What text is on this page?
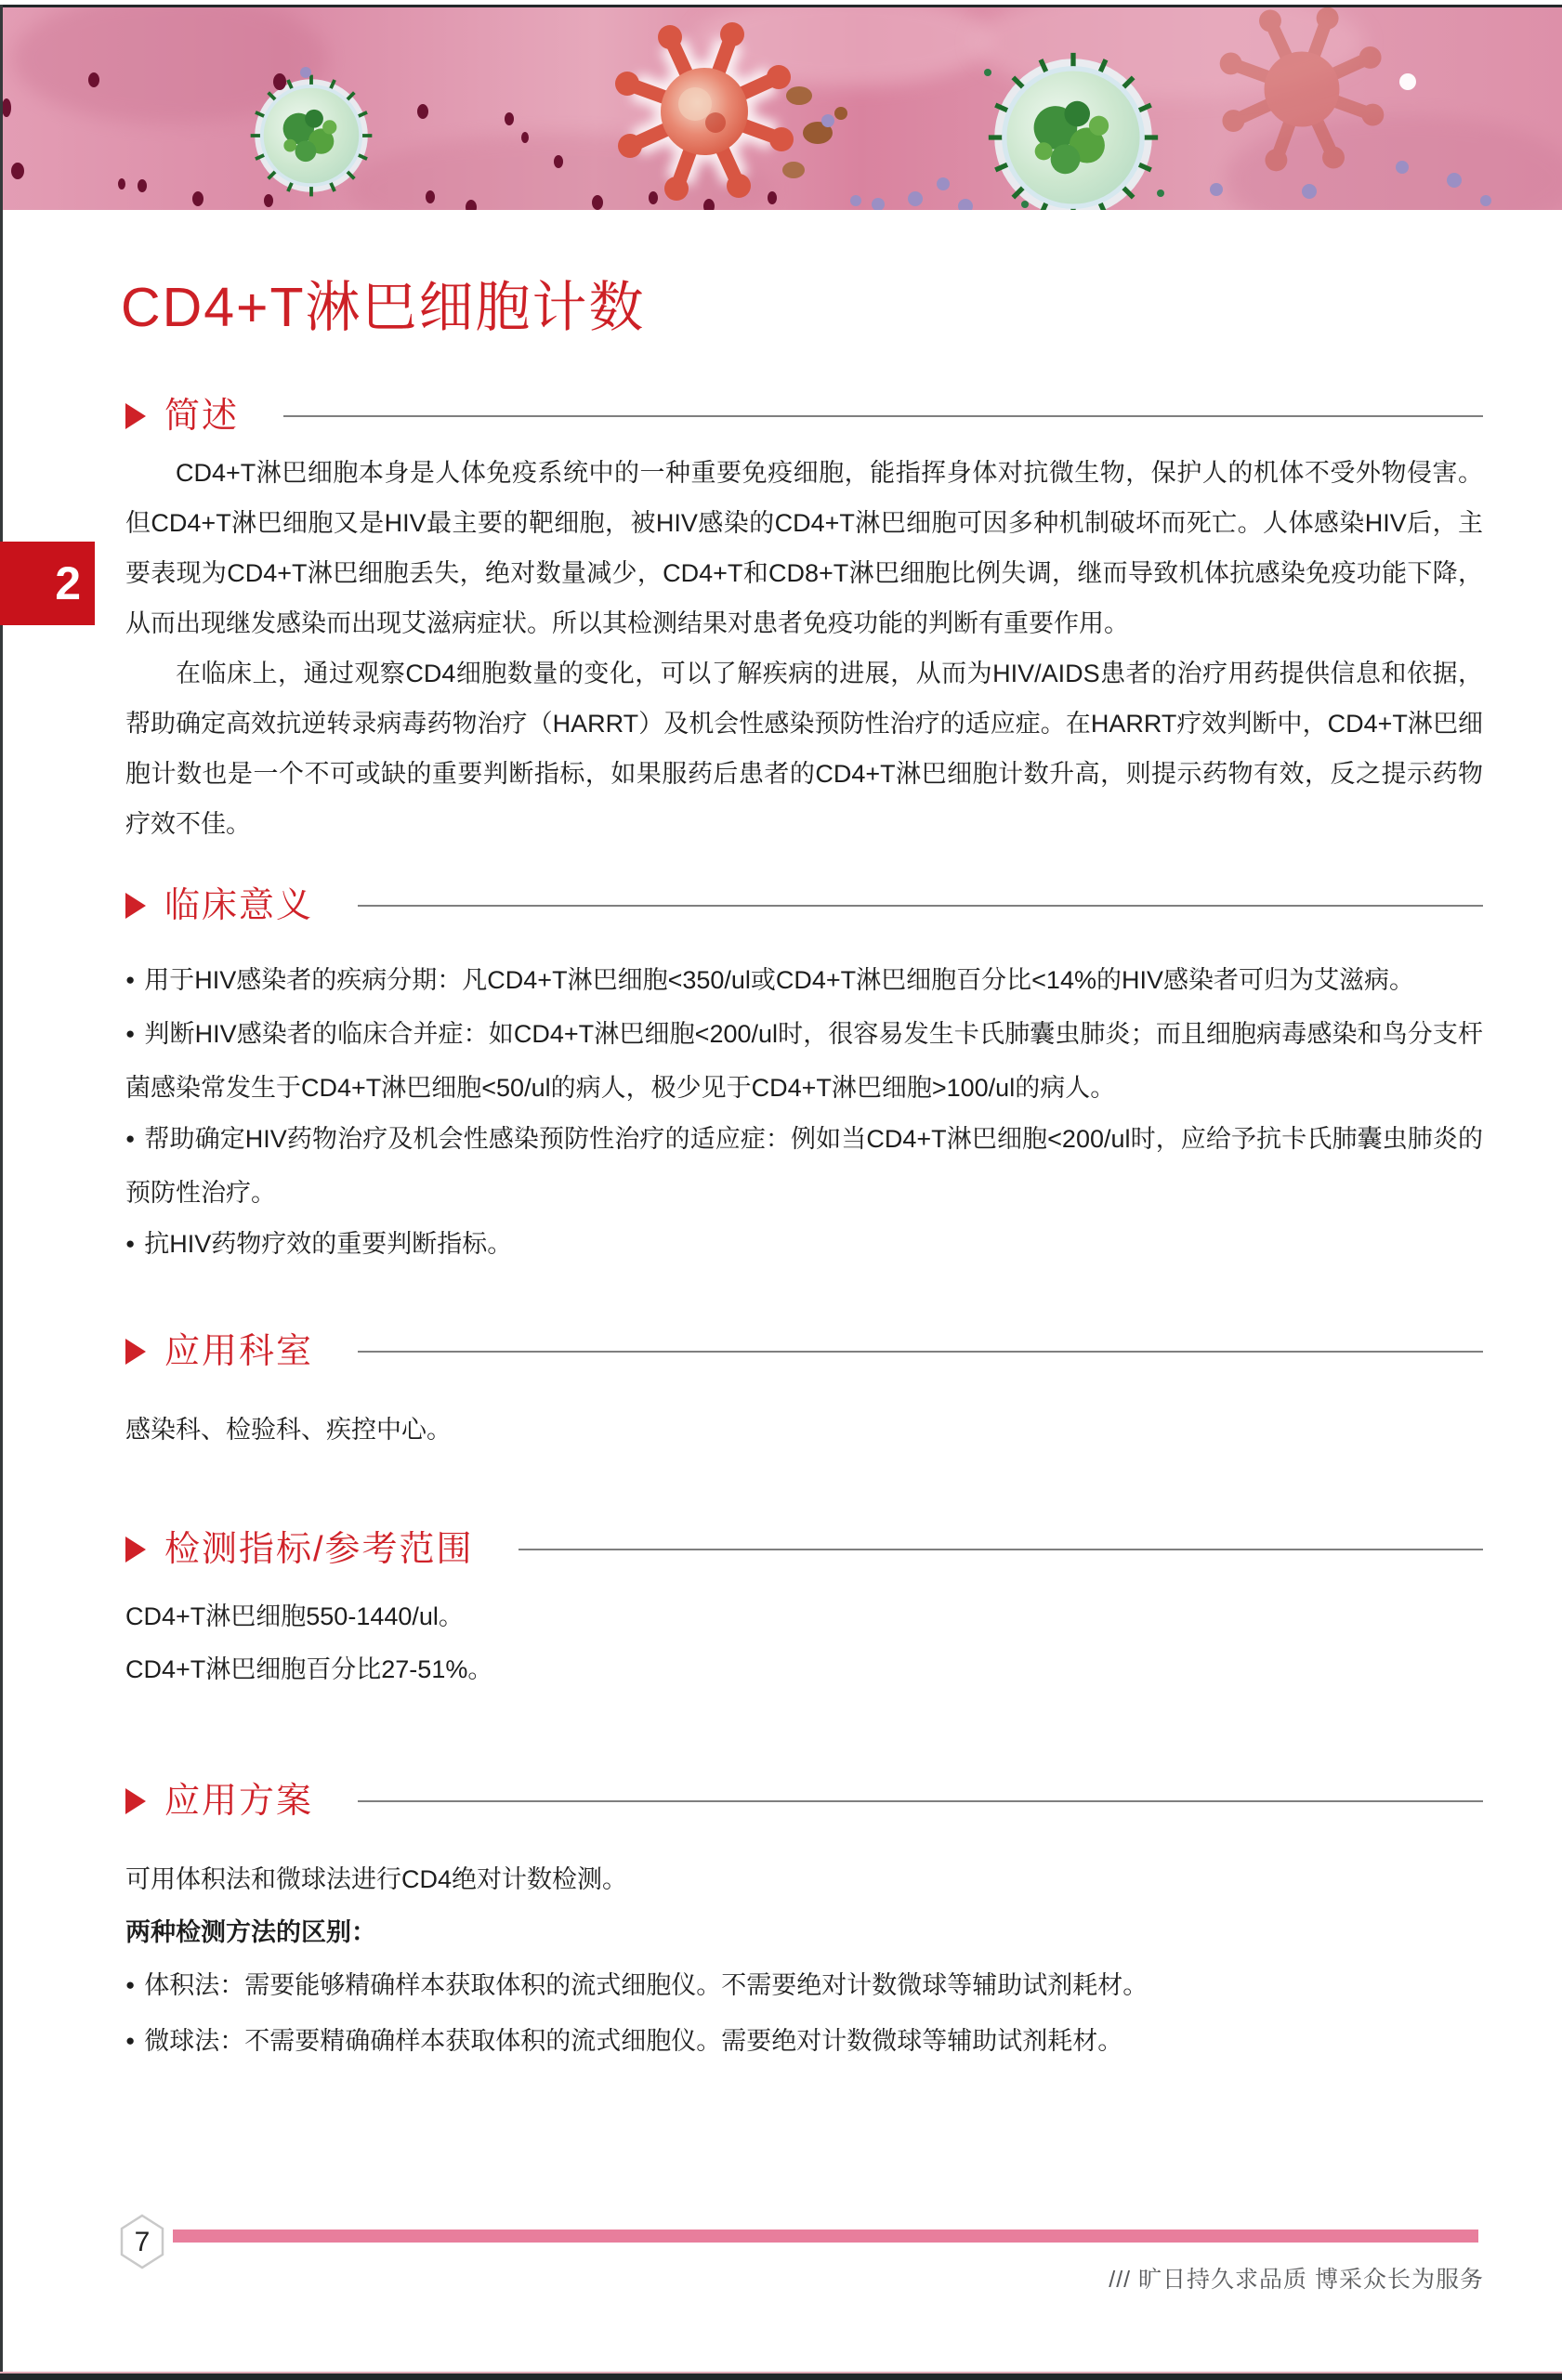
2
CD4+T淋巴细胞计数
简述

CD4+T淋巴细胞本身是人体免疫系统中的一种重要免疫细胞，能指挥身体对抗微生物，保护人的机体不受外物侵害。但CD4+T淋巴细胞又是HIV最主要的靶细胞，被HIV感染的CD4+T淋巴细胞可因多种机制破坏而死亡。人体感染HIV后，主要表现为CD4+T淋巴细胞丢失，绝对数量减少，CD4+T和CD8+T淋巴细胞比例失调，继而导致机体抗感染免疫功能下降，从而出现继发感染而出现艾滋病症状。所以其检测结果对患者免疫功能的判断有重要作用。

在临床上，通过观察CD4细胞数量的变化，可以了解疾病的进展，从而为HIV/AIDS患者的治疗用药提供信息和依据，帮助确定高效抗逆转录病毒药物治疗（HARRT）及机会性感染预防性治疗的适应症。在HARRT疗效判断中，CD4+T淋巴细胞计数也是一个不可或缺的重要判断指标，如果服药后患者的CD4+T淋巴细胞计数升高，则提示药物有效，反之提示药物疗效不佳。

临床意义

● 用于HIV感染者的疾病分期：凡CD4+T淋巴细胞<350/ul或CD4+T淋巴细胞百分比<14%的HIV感染者可归为艾滋病。

● 判断HIV感染者的临床合并症：如CD4+T淋巴细胞<200/ul时，很容易发生卡氏肺囊虫肺炎；而且细胞病毒感染和鸟分支杆菌感染常发生于CD4+T淋巴细胞<50/ul的病人，极少见于CD4+T淋巴细胞>100/ul的病人。

● 帮助确定HIV药物治疗及机会性感染预防性治疗的适应症：例如当CD4+T淋巴细胞<200/ul时，应给予抗卡氏肺囊虫肺炎的预防性治疗。

● 抗HIV药物疗效的重要判断指标。

应用科室

感染科、检验科、疾控中心。

检测指标/参考范围

CD4+T淋巴细胞550-1440/ul。

CD4+T淋巴细胞百分比27-51%。

应用方案

可用体积法和微球法进行CD4绝对计数检测。

两种检测方法的区别：

● 体积法：需要能够精确样本获取体积的流式细胞仪。不需要绝对计数微球等辅助试剂耗材。

● 微球法：不需要精确确样本获取体积的流式细胞仪。需要绝对计数微球等辅助试剂耗材。

7
/// 旷日持久求品质 博采众长为服务
